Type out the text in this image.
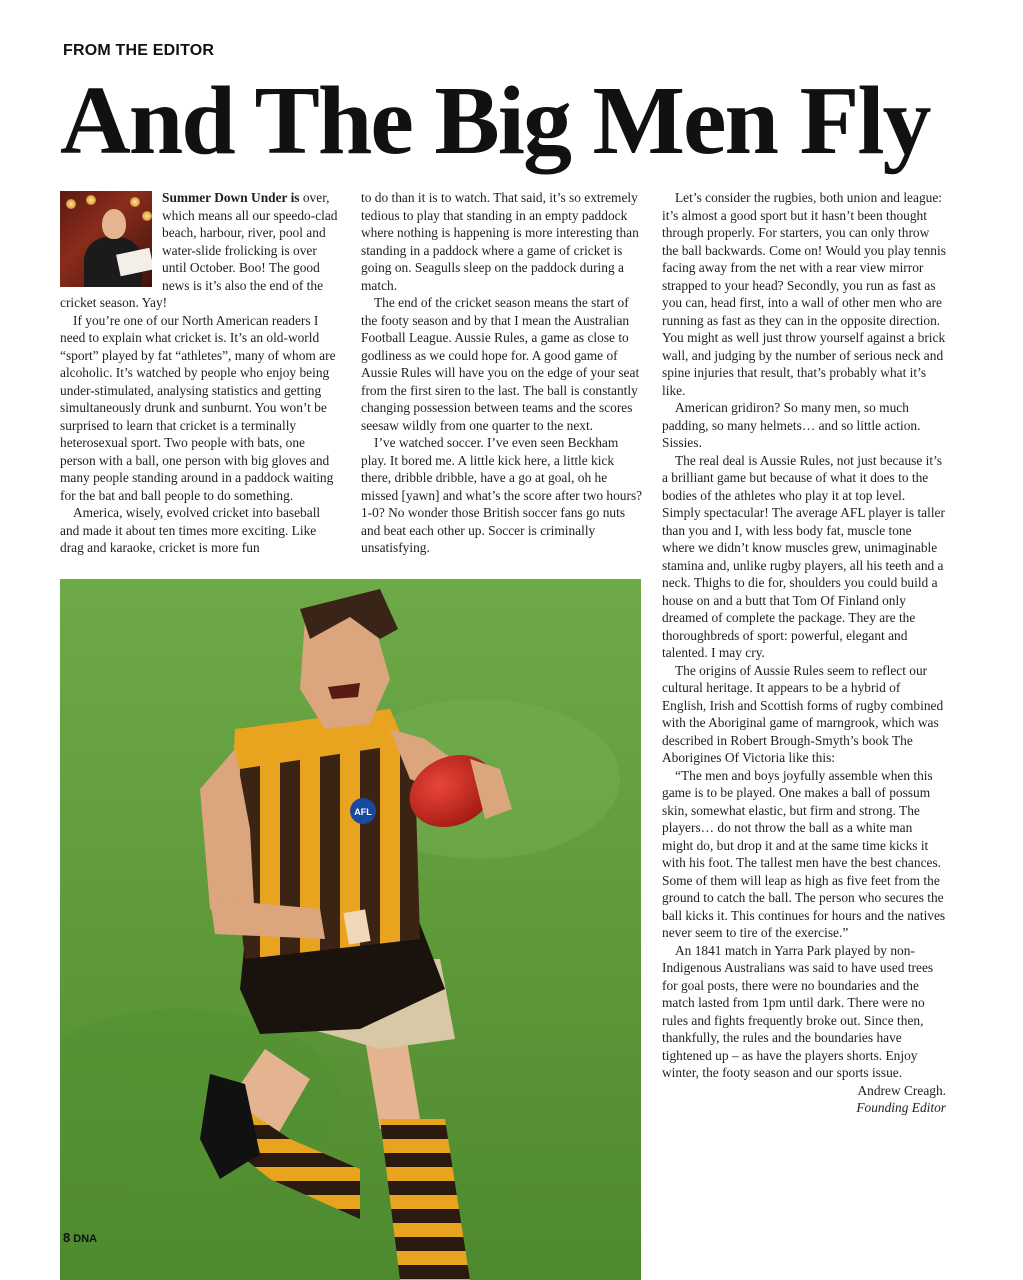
FROM THE EDITOR
And The Big Men Fly

Summer Down Under is over, which means all our speedo-clad beach, harbour, river, pool and water-slide frolicking is over until October. Boo! The good news is it’s also the end of the cricket season. Yay!

If you’re one of our North American readers I need to explain what cricket is. It’s an old-world “sport” played by fat “athletes”, many of whom are alcoholic. It’s watched by people who enjoy being under-stimulated, analysing statistics and getting simultaneously drunk and sunburnt. You won’t be surprised to learn that cricket is a terminally heterosexual sport. Two people with bats, one person with a ball, one person with big gloves and many people standing around in a paddock waiting for the bat and ball people to do something.

America, wisely, evolved cricket into baseball and made it about ten times more exciting. Like drag and karaoke, cricket is more fun

to do than it is to watch. That said, it’s so extremely tedious to play that standing in an empty paddock where nothing is happening is more interesting than standing in a paddock where a game of cricket is going on. Seagulls sleep on the paddock during a match.

The end of the cricket season means the start of the footy season and by that I mean the Australian Football League. Aussie Rules, a game as close to godliness as we could hope for. A good game of Aussie Rules will have you on the edge of your seat from the first siren to the last. The ball is constantly changing possession between teams and the scores seesaw wildly from one quarter to the next.

I’ve watched soccer. I’ve even seen Beckham play. It bored me. A little kick here, a little kick there, dribble dribble, have a go at goal, oh he missed [yawn] and what’s the score after two hours? 1-0? No wonder those British soccer fans go nuts and beat each other up. Soccer is criminally unsatisfying.

Let’s consider the rugbies, both union and league: it’s almost a good sport but it hasn’t been thought through properly. For starters, you can only throw the ball backwards. Come on! Would you play tennis facing away from the net with a rear view mirror strapped to your head? Secondly, you run as fast as you can, head first, into a wall of other men who are running as fast as they can in the opposite direction. You might as well just throw yourself against a brick wall, and judging by the number of serious neck and spine injuries that result, that’s probably what it’s like.

American gridiron? So many men, so much padding, so many helmets… and so little action. Sissies.

The real deal is Aussie Rules, not just because it’s a brilliant game but because of what it does to the bodies of the athletes who play it at top level. Simply spectacular! The average AFL player is taller than you and I, with less body fat, muscle tone where we didn’t know muscles grew, unimaginable stamina and, unlike rugby players, all his teeth and a neck. Thighs to die for, shoulders you could build a house on and a butt that Tom Of Finland only dreamed of complete the package. They are the thoroughbreds of sport: powerful, elegant and talented. I may cry.

The origins of Aussie Rules seem to reflect our cultural heritage. It appears to be a hybrid of English, Irish and Scottish forms of rugby combined with the Aboriginal game of marngrook, which was described in Robert Brough-Smyth’s book The Aborigines Of Victoria like this:

“The men and boys joyfully assemble when this game is to be played. One makes a ball of possum skin, somewhat elastic, but firm and strong. The players… do not throw the ball as a white man might do, but drop it and at the same time kicks it with his foot. The tallest men have the best chances. Some of them will leap as high as five feet from the ground to catch the ball. The person who secures the ball kicks it. This continues for hours and the natives never seem to tire of the exercise.”

An 1841 match in Yarra Park played by non-Indigenous Australians was said to have used trees for goal posts, there were no boundaries and the match lasted from 1pm until dark. There were no rules and fights frequently broke out. Since then, thankfully, the rules and the boundaries have tightened up – as have the players shorts. Enjoy winter, the footy season and our sports issue.

Andrew Creagh.
Founding Editor
AFL
8 DNA
